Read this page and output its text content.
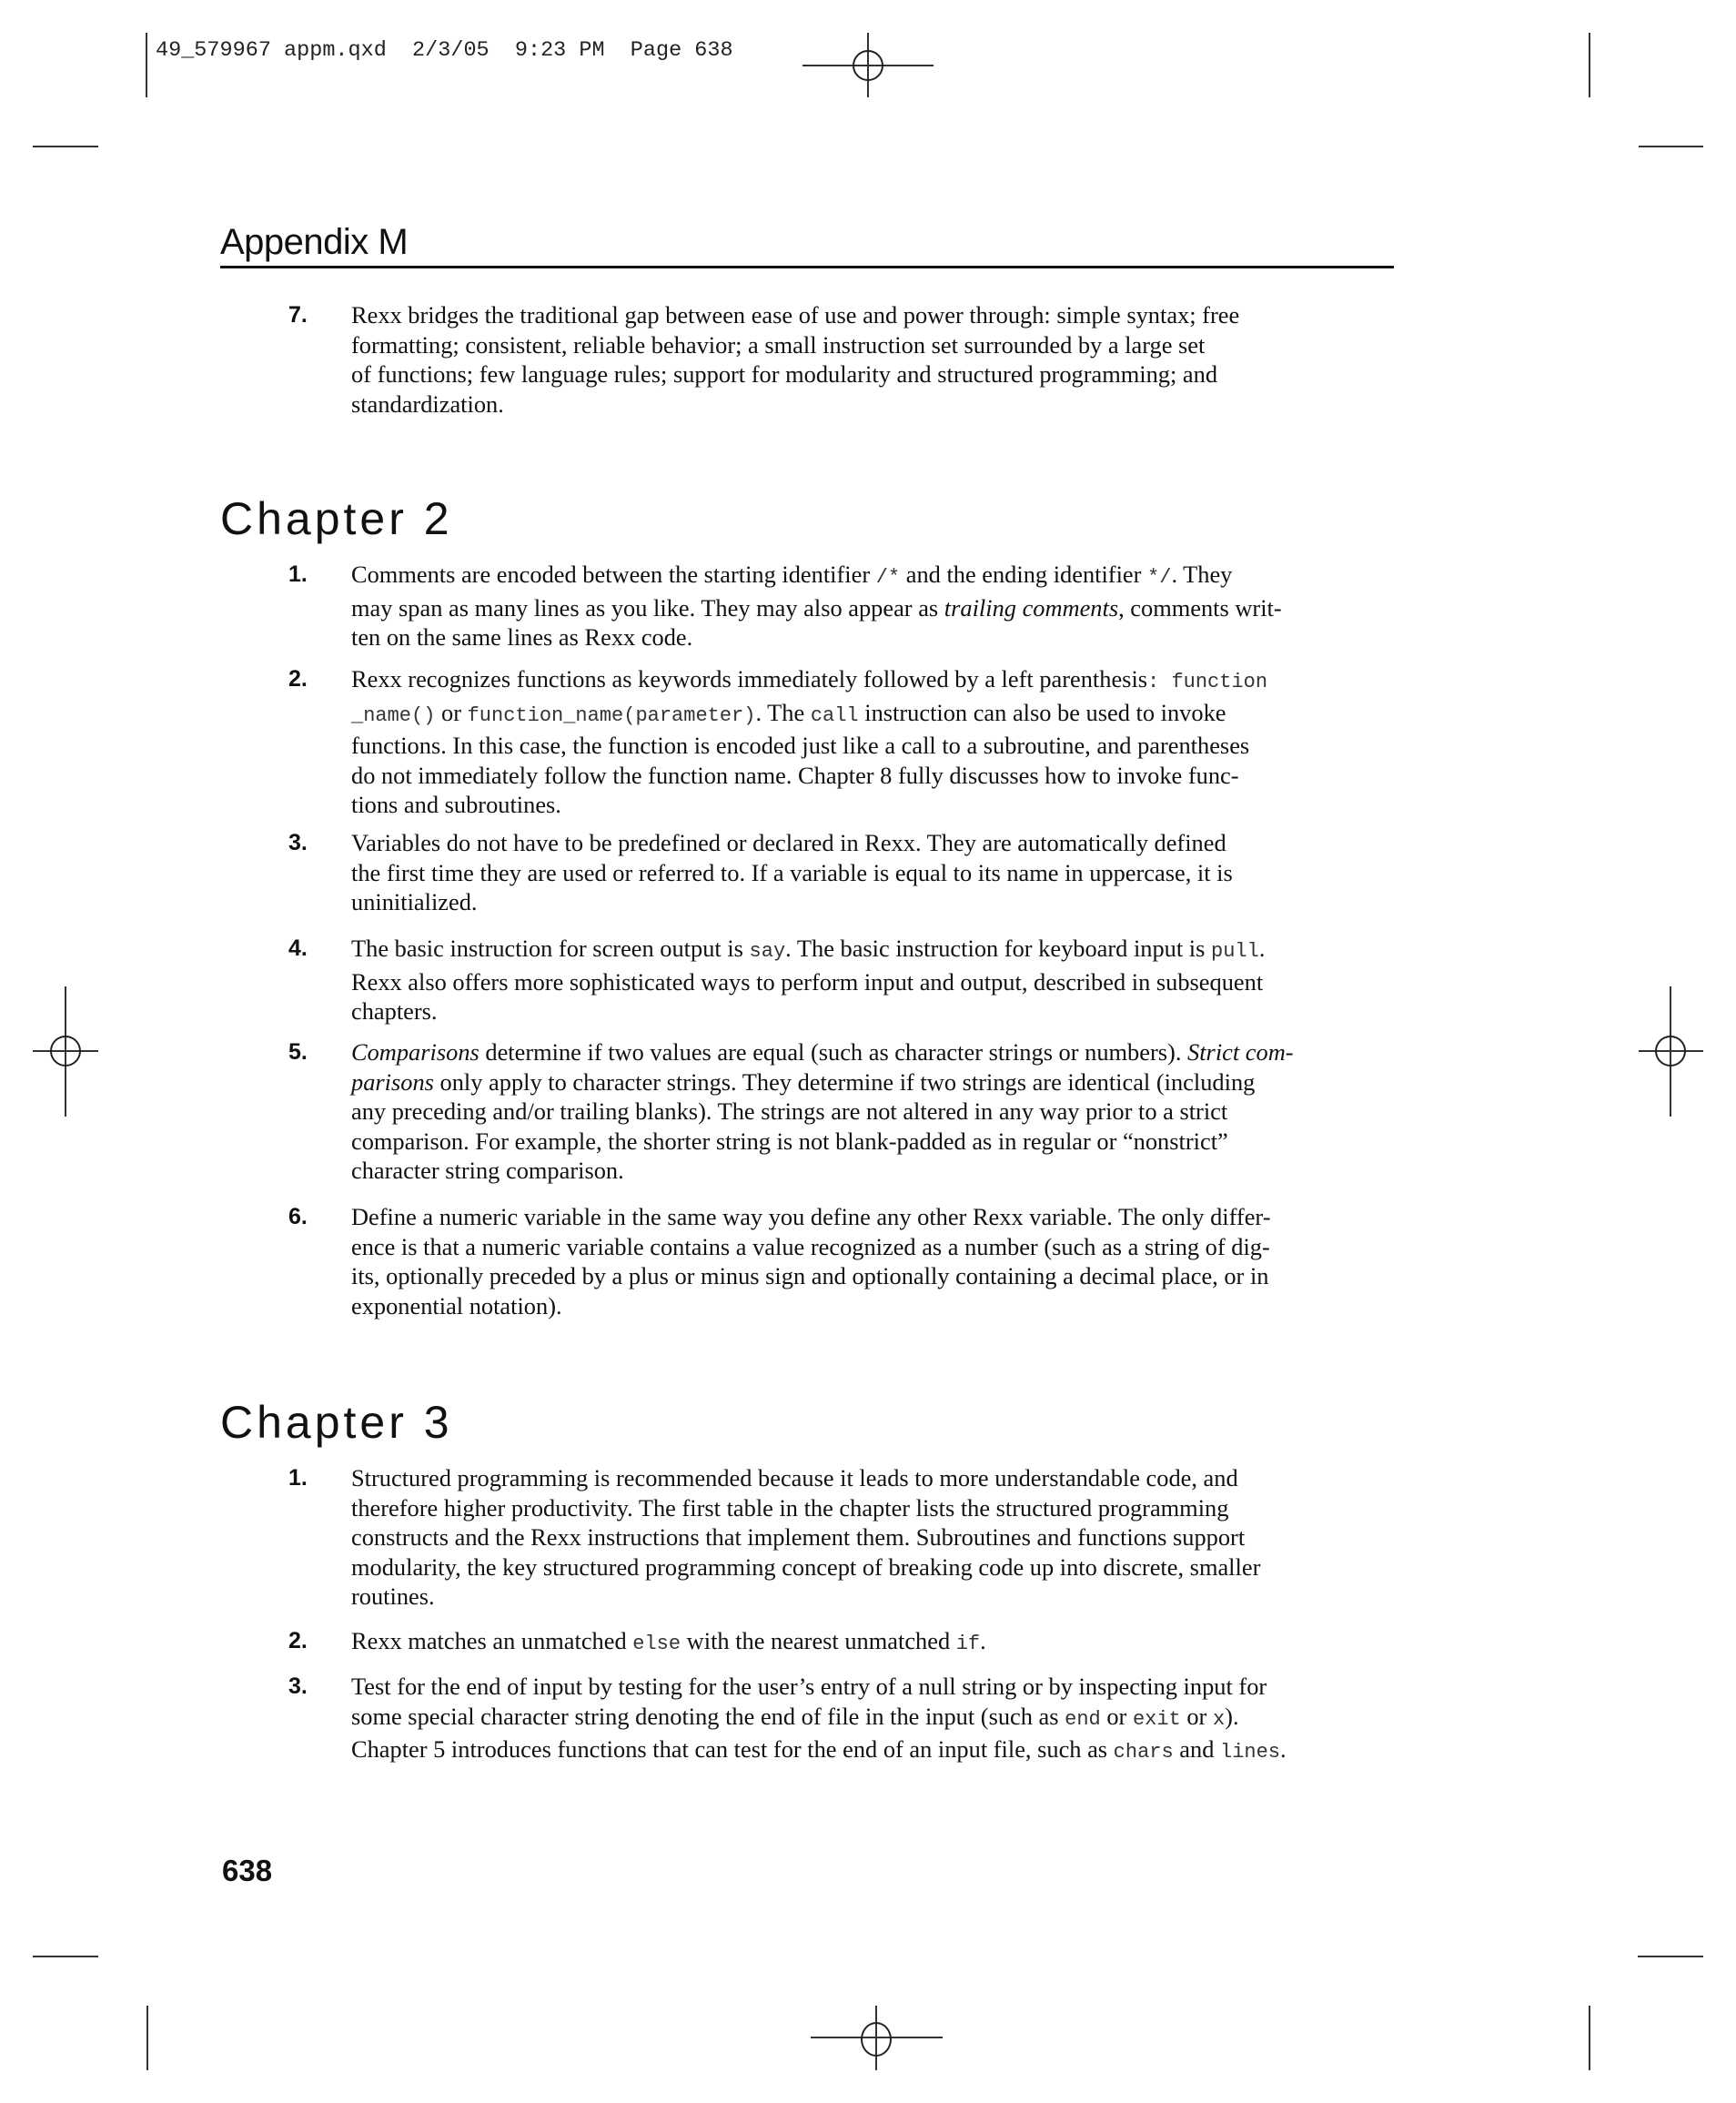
49_579967 appm.qxd  2/3/05  9:23 PM  Page 638
Appendix M
Chapter 2
Chapter 3
7. Rexx bridges the traditional gap between ease of use and power through: simple syntax; free
formatting; consistent, reliable behavior; a small instruction set surrounded by a large set
of functions; few language rules; support for modularity and structured programming; and
standardization.
1. Comments are encoded between the starting identifier /* and the ending identifier */. They
may span as many lines as you like. They may also appear as trailing comments, comments writ-
ten on the same lines as Rexx code.
2. Rexx recognizes functions as keywords immediately followed by a left parenthesis: function
_name() or function_name(parameter). The call instruction can also be used to invoke
functions. In this case, the function is encoded just like a call to a subroutine, and parentheses
do not immediately follow the function name. Chapter 8 fully discusses how to invoke func-
tions and subroutines.
3. Variables do not have to be predefined or declared in Rexx. They are automatically defined
the first time they are used or referred to. If a variable is equal to its name in uppercase, it is
uninitialized.
4. The basic instruction for screen output is say. The basic instruction for keyboard input is pull.
Rexx also offers more sophisticated ways to perform input and output, described in subsequent
chapters.
5. Comparisons determine if two values are equal (such as character strings or numbers). Strict com-
parisons only apply to character strings. They determine if two strings are identical (including
any preceding and/or trailing blanks). The strings are not altered in any way prior to a strict
comparison. For example, the shorter string is not blank-padded as in regular or “nonstrict”
character string comparison.
6. Define a numeric variable in the same way you define any other Rexx variable. The only differ-
ence is that a numeric variable contains a value recognized as a number (such as a string of dig-
its, optionally preceded by a plus or minus sign and optionally containing a decimal place, or in
exponential notation).
1. Structured programming is recommended because it leads to more understandable code, and
therefore higher productivity. The first table in the chapter lists the structured programming
constructs and the Rexx instructions that implement them. Subroutines and functions support
modularity, the key structured programming concept of breaking code up into discrete, smaller
routines.
2. Rexx matches an unmatched else with the nearest unmatched if.
3. Test for the end of input by testing for the user’s entry of a null string or by inspecting input for
some special character string denoting the end of file in the input (such as end or exit or x).
Chapter 5 introduces functions that can test for the end of an input file, such as chars and lines.
638
